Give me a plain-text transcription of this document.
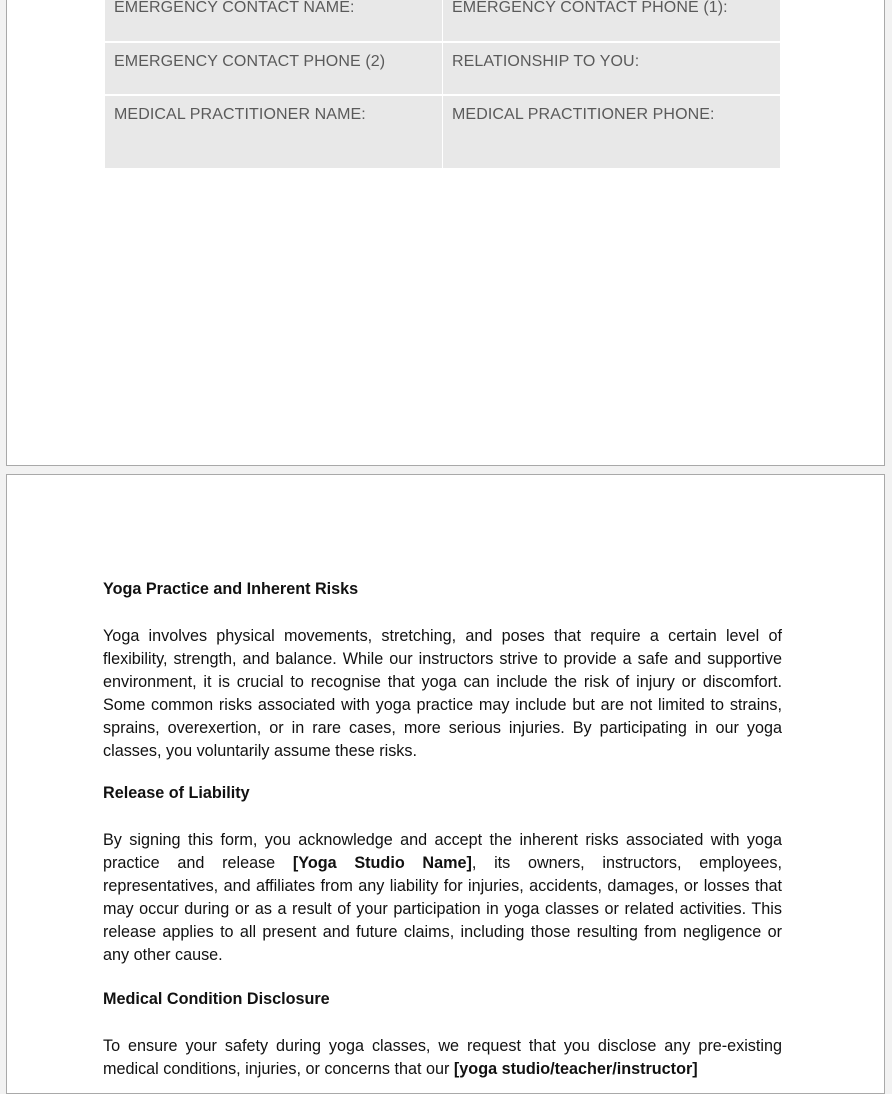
EMERGENCY CONTACT NAME:	EMERGENCY CONTACT PHONE (1):
EMERGENCY CONTACT PHONE (2)	RELATIONSHIP TO YOU:
MEDICAL PRACTITIONER NAME:	MEDICAL PRACTITIONER PHONE:
Yoga Practice and Inherent Risks

Yoga involves physical movements, stretching, and poses that require a certain level of flexibility, strength, and balance. While our instructors strive to provide a safe and supportive environment, it is crucial to recognise that yoga can include the risk of injury or discomfort. Some common risks associated with yoga practice may include but are not limited to strains, sprains, overexertion, or in rare cases, more serious injuries. By participating in our yoga classes, you voluntarily assume these risks.

Release of Liability

By signing this form, you acknowledge and accept the inherent risks associated with yoga practice and release [Yoga Studio Name], its owners, instructors, employees, representatives, and affiliates from any liability for injuries, accidents, damages, or losses that may occur during or as a result of your participation in yoga classes or related activities. This release applies to all present and future claims, including those resulting from negligence or any other cause.

Medical Condition Disclosure

To ensure your safety during yoga classes, we request that you disclose any pre-existing medical conditions, injuries, or concerns that our [yoga studio/teacher/instructor]
